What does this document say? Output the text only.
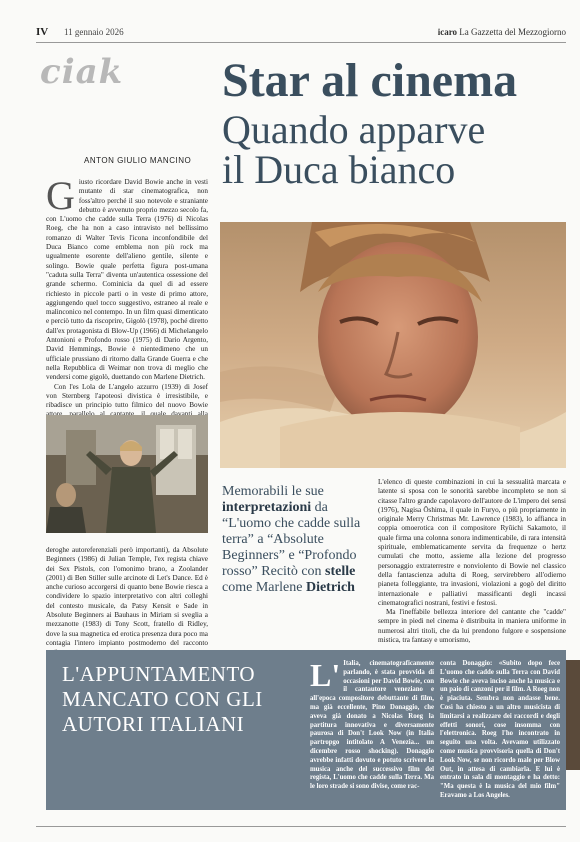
IV 11 gennaio 2026	icaro La Gazzetta del Mezzogiorno
ciak Star al cinema
Quando apparve
il Duca bianco
ANTON GIULIO MANCINO
G iusto ricordare David Bowie anche in vesti mutante di star cinematografica, non foss'altro perché il suo notevole e straniante debutto è avvenuto proprio mezzo secolo fa, con L'uomo che cadde sulla Terra (1976) di Nicolas Roeg, che ha non a caso intravisto nel bellissimo romanzo di Walter Tevis l'icona inconfondibile del Duca Bianco come emblema non più rock ma ugualmente esorente dell'alieno gentile, silente e solingo. Bowie quale perfetta figura post-umana "caduta sulla Terra" diventa un'autentica ossessione del grande schermo. Cominicia da quel di ad essere richiesto in piccole parti o in veste di primo attore, aggiungendo quel tocco suggestivo, estraneo al reale e malinconico nel contempo. In un film quasi dimenticato e perciò tutto da riscoprire, Gigolò (1978), poché diretto dall'ex protagonista di Blow-Up (1966) di Michelangelo Antonioni e Profondo rosso (1975) di Dario Argento, David Hemmings, Bowie è nientedimeno che un ufficiale prussiano di ritorno dalla Grande Guerra e che nella Repubblica di Weimar non trova di meglio che vendersi come gigolò, duettando con Marlene Dietrich.

Con l'es Lola de L'angelo azzurro (1939) di Josef von Sternberg l'apoteosi divistica è irresistibile, e ribadisce un principio tutto filmico del nuovo Bowie

deroghe autoreferenziali però importanti), da Absolute Beginners (1986) di Julian Temple, l'ex regista chiave dei Sex Pistols, con l'omonimo brano, a Zoolander (2001) di Ben Stiller sulle arcinote di Let's Dance. Ed è anche curioso accorgersi di quanto bene Bowie riesca a condividere lo spazio interpretativo con altri colleghi del contesto musicale, da Patsy Kensit e Sade in Absolute Beginners ai Bauhaus in Miriam si sveglia a mezzanotte (1983) di Tony Scott, fratello di Ridley, dove la sua magnetica ed erotica presenza dura poco ma contagia l'intero impianto postmoderno del racconto
Memorabili le sue interpretazioni da “L'uomo che cadde sulla terra” a “Absolute Beginners” e “Profondo rosso” Recitò con stelle come Marlene Dietrich

L'elenco di queste combinazioni in cui la sessualità marcata e latente si sposa con le sonorità sarebbe incompleto se non si citasse l'altro grande capolavoro dell'autore de L'impero dei sensi (1976), Nagisa Ōshima, il quale in Furyo, o più propriamente in originale Merry Christmas Mr. Lawrence (1983), lo affianca in coppia omoerotica con il compositore Ryūichi Sakamoto, il quale firma una colonna sonora indimenticabile, di rara intensità spirituale, emblematicamente servita da frequenze o hertz cumulati che motto, assieme alla lezione del progresso personaggio extraterrestre e nonviolento di Bowie nel classico della fantascienza adulta di Roeg, servirebbero all'odierno pianeta folleggiante, tra invasioni, violazioni a gogò del diritto internazionale e palliativi massificanti degli incassi cinematografici nostrani, festivi e festosi.

Ma l'ineffabile bellezza interiore del cantante che "cadde" sempre in piedi nel cinema è distribuita in maniera uniforme in numerosi altri titoli, che da lui prendono fulgore e sospensione mistica, tra fantasy e umorismo,

L'APPUNTAMENTO MANCATO CON GLI AUTORI ITALIANI
L' Italia, cinematograficamente parlando, è stata provvida di occasioni per David Bowie, con il cantautore veneziano e all'epoca compositore debuttante di film, ma già eccellente, Pino Donaggio, che aveva già donato a Nicolas Roeg la partitura innovativa e diversamente paurosa di Don't Look Now (in Italia partropgo intitolato A Venezia... un dicembre rosso shocking). Donaggio avrebbe infatti dovuto e potuto scrivere la musica anche del successivo film del regista, L'uomo che cadde sulla Terra. Ma le loro strade si sono divise, come rac-
conta Donaggio: «Subito dopo fece L'uomo che cadde sulla Terra con David Bowie che aveva inciso anche la musica e un paio di canzoni per il film. A Roeg non è piaciuta. Sembra non andasse bene. Così ha chiesto a un altro musicista di limitarsi a realizzare dei raccordi e degli effetti sonori, cose insomma con l'elettronica. Roeg l'ho incontrato in seguito una volta. Avevamo utilizzato come musica provvisoria quella di Don't Look Now, se non ricordo male per Blow Out, in attesa di cambiarla. E lui è entrato in sala di montaggio e ha detto: "Ma questa è la musica del mio film" Eravamo a Los Angeles.
